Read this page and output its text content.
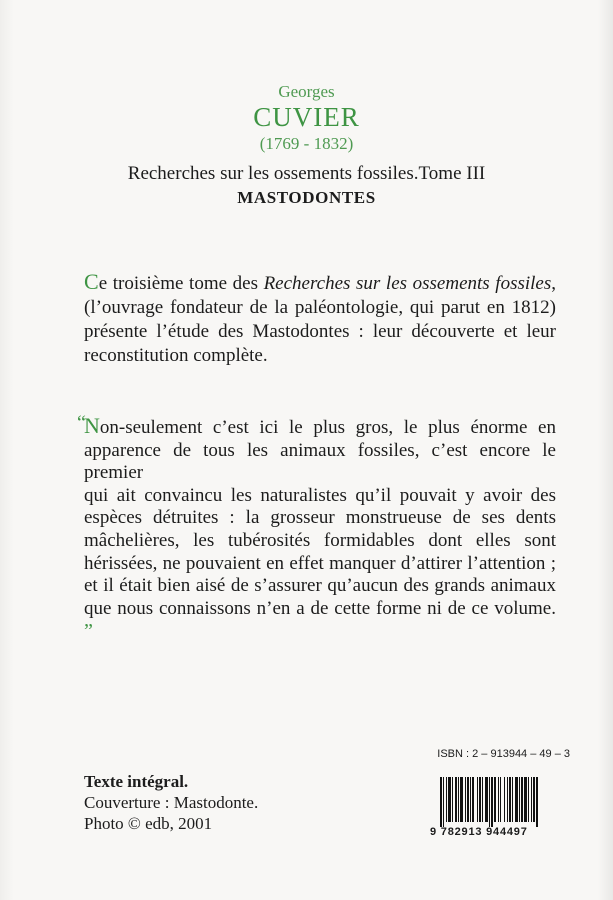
Georges
CUVIER
(1769 - 1832)
Recherches sur les ossements fossiles.Tome III
MASTODONTES
Ce troisième tome des Recherches sur les ossements fossiles, (l’ouvrage fondateur de la paléontologie, qui parut en 1812) présente l’étude des Mastodontes : leur découverte et leur reconstitution complète.
“
Non-seulement c’est ici le plus gros, le plus énorme en
apparence de tous les animaux fossiles, c’est encore le premier
qui ait convaincu les naturalistes qu’il pouvait y avoir des
espèces détruites : la grosseur monstrueuse de ses dents
mâchelières, les tubérosités formidables dont elles sont
hérissées, ne pouvaient en effet manquer d’attirer l’attention ;
et il était bien aisé de s’assurer qu’aucun des grands animaux
que nous connaissons n’en a de cette forme ni de ce volume. ”
ISBN : 2 – 913944 – 49 – 3
9 782913 944497
Texte intégral.
Couverture : Mastodonte.
Photo © edb, 2001
